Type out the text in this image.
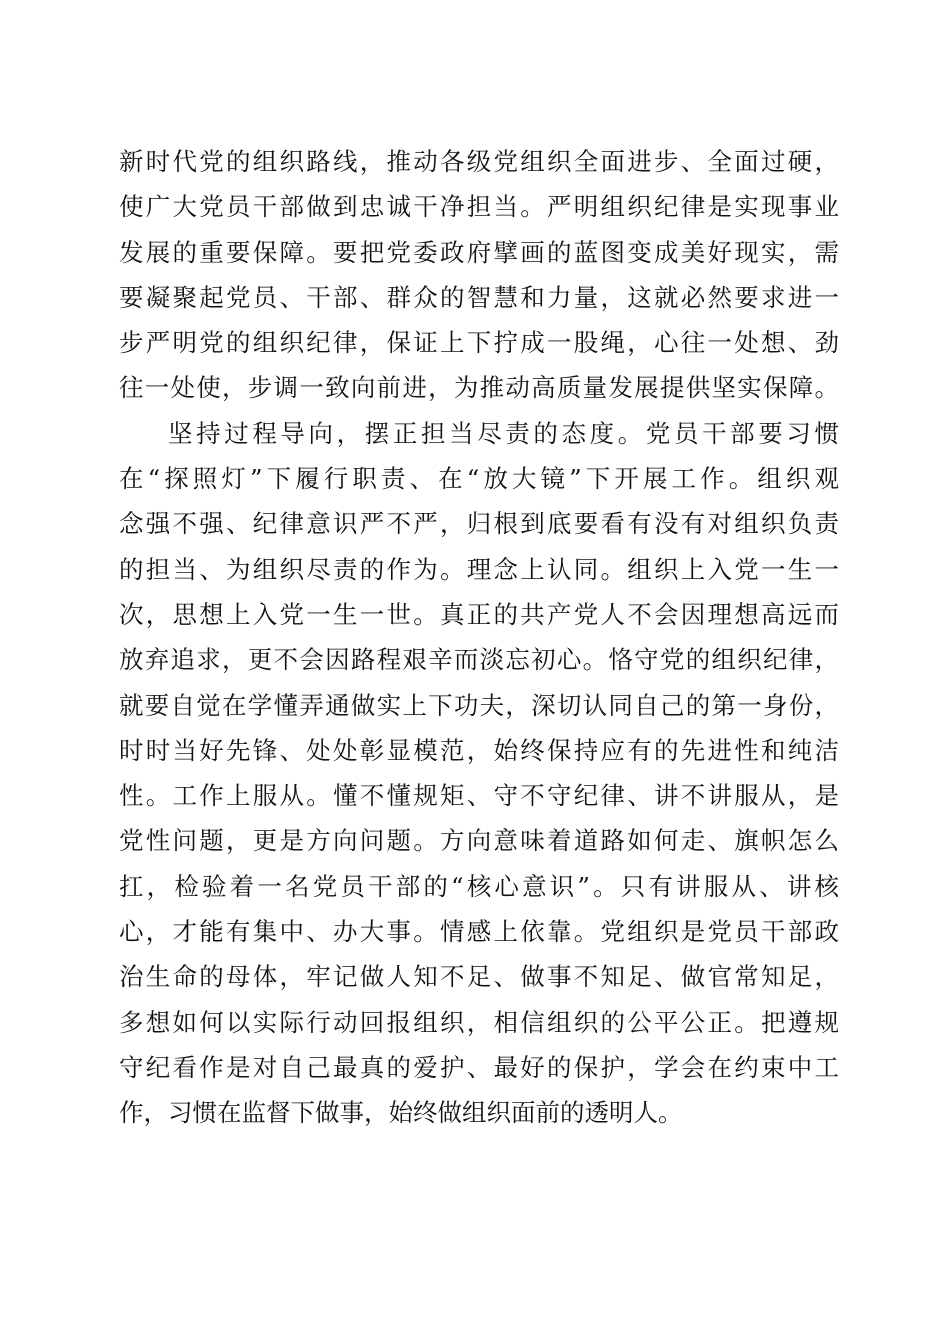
新时代党的组织路线，推动各级党组织全面进步、全面过硬，
使广大党员干部做到忠诚干净担当。严明组织纪律是实现事业
发展的重要保障。要把党委政府擘画的蓝图变成美好现实，需
要凝聚起党员、干部、群众的智慧和力量，这就必然要求进一
步严明党的组织纪律，保证上下拧成一股绳，心往一处想、劲
往一处使，步调一致向前进，为推动高质量发展提供坚实保障。
坚持过程导向，摆正担当尽责的态度。党员干部要习惯
在“探照灯”下履行职责、在“放大镜”下开展工作。组织观
念强不强、纪律意识严不严，归根到底要看有没有对组织负责
的担当、为组织尽责的作为。理念上认同。组织上入党一生一
次，思想上入党一生一世。真正的共产党人不会因理想高远而
放弃追求，更不会因路程艰辛而淡忘初心。恪守党的组织纪律，
就要自觉在学懂弄通做实上下功夫，深切认同自己的第一身份，
时时当好先锋、处处彰显模范，始终保持应有的先进性和纯洁
性。工作上服从。懂不懂规矩、守不守纪律、讲不讲服从，是
党性问题，更是方向问题。方向意味着道路如何走、旗帜怎么
扛，检验着一名党员干部的“核心意识”。只有讲服从、讲核
心，才能有集中、办大事。情感上依靠。党组织是党员干部政
治生命的母体，牢记做人知不足、做事不知足、做官常知足，
多想如何以实际行动回报组织，相信组织的公平公正。把遵规
守纪看作是对自己最真的爱护、最好的保护，学会在约束中工
作，习惯在监督下做事，始终做组织面前的透明人。
